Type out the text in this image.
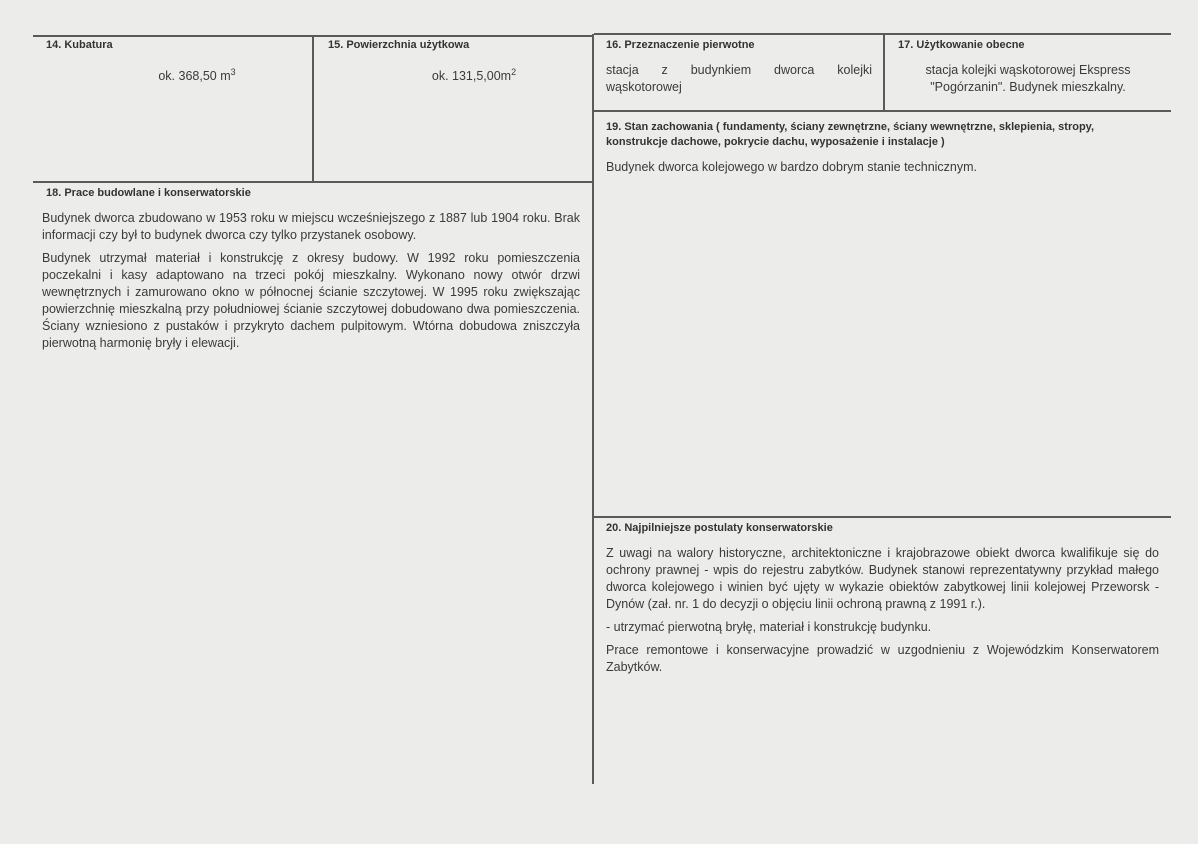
14. Kubatura
ok. 368,50 $m^3$
15. Powierzchnia użytkowa
ok. $131,5,00m^2$
16. Przeznaczenie pierwotne
stacja z budynkiem dworca kolejki wąskotorowej
17. Użytkowanie obecne
stacja kolejki wąskotorowej Ekspress "Pogórzanin". Budynek mieszkalny.
19. Stan zachowania ( fundamenty, ściany zewnętrzne, ściany wewnętrzne, sklepienia, stropy, konstrukcje dachowe, pokrycie dachu, wyposażenie i instalacje )
Budynek dworca kolejowego w bardzo dobrym stanie technicznym.
18. Prace budowlane i konserwatorskie

Budynek dworca zbudowano w 1953 roku w miejscu wcześniejszego z 1887 lub 1904 roku. Brak informacji czy był to budynek dworca czy tylko przystanek osobowy.

Budynek utrzymał materiał i konstrukcję z okresy budowy. W 1992 roku pomieszczenia poczekalni i kasy adaptowano na trzeci pokój mieszkalny. Wykonano nowy otwór drzwi wewnętrznych i zamurowano okno w północnej ścianie szczytowej. W 1995 roku zwiększając powierzchnię mieszkalną przy południowej ścianie szczytowej dobudowano dwa pomieszczenia. Ściany wzniesiono z pustaków i przykryto dachem pulpitowym. Wtórna dobudowa zniszczyła pierwotną harmonię bryły i elewacji.

20. Najpilniejsze postulaty konserwatorskie

Z uwagi na walory historyczne, architektoniczne i krajobrazowe obiekt dworca kwalifikuje się do ochrony prawnej - wpis do rejestru zabytków. Budynek stanowi reprezentatywny przykład małego dworca kolejowego i winien być ujęty w wykazie obiektów zabytkowej linii kolejowej Przeworsk - Dynów (zał. nr. 1 do decyzji o objęciu linii ochroną prawną z 1991 r.).

- utrzymać pierwotną bryłę, materiał i konstrukcję budynku.

Prace remontowe i konserwacyjne prowadzić w uzgodnieniu z Wojewódzkim Konserwatorem Zabytków.
